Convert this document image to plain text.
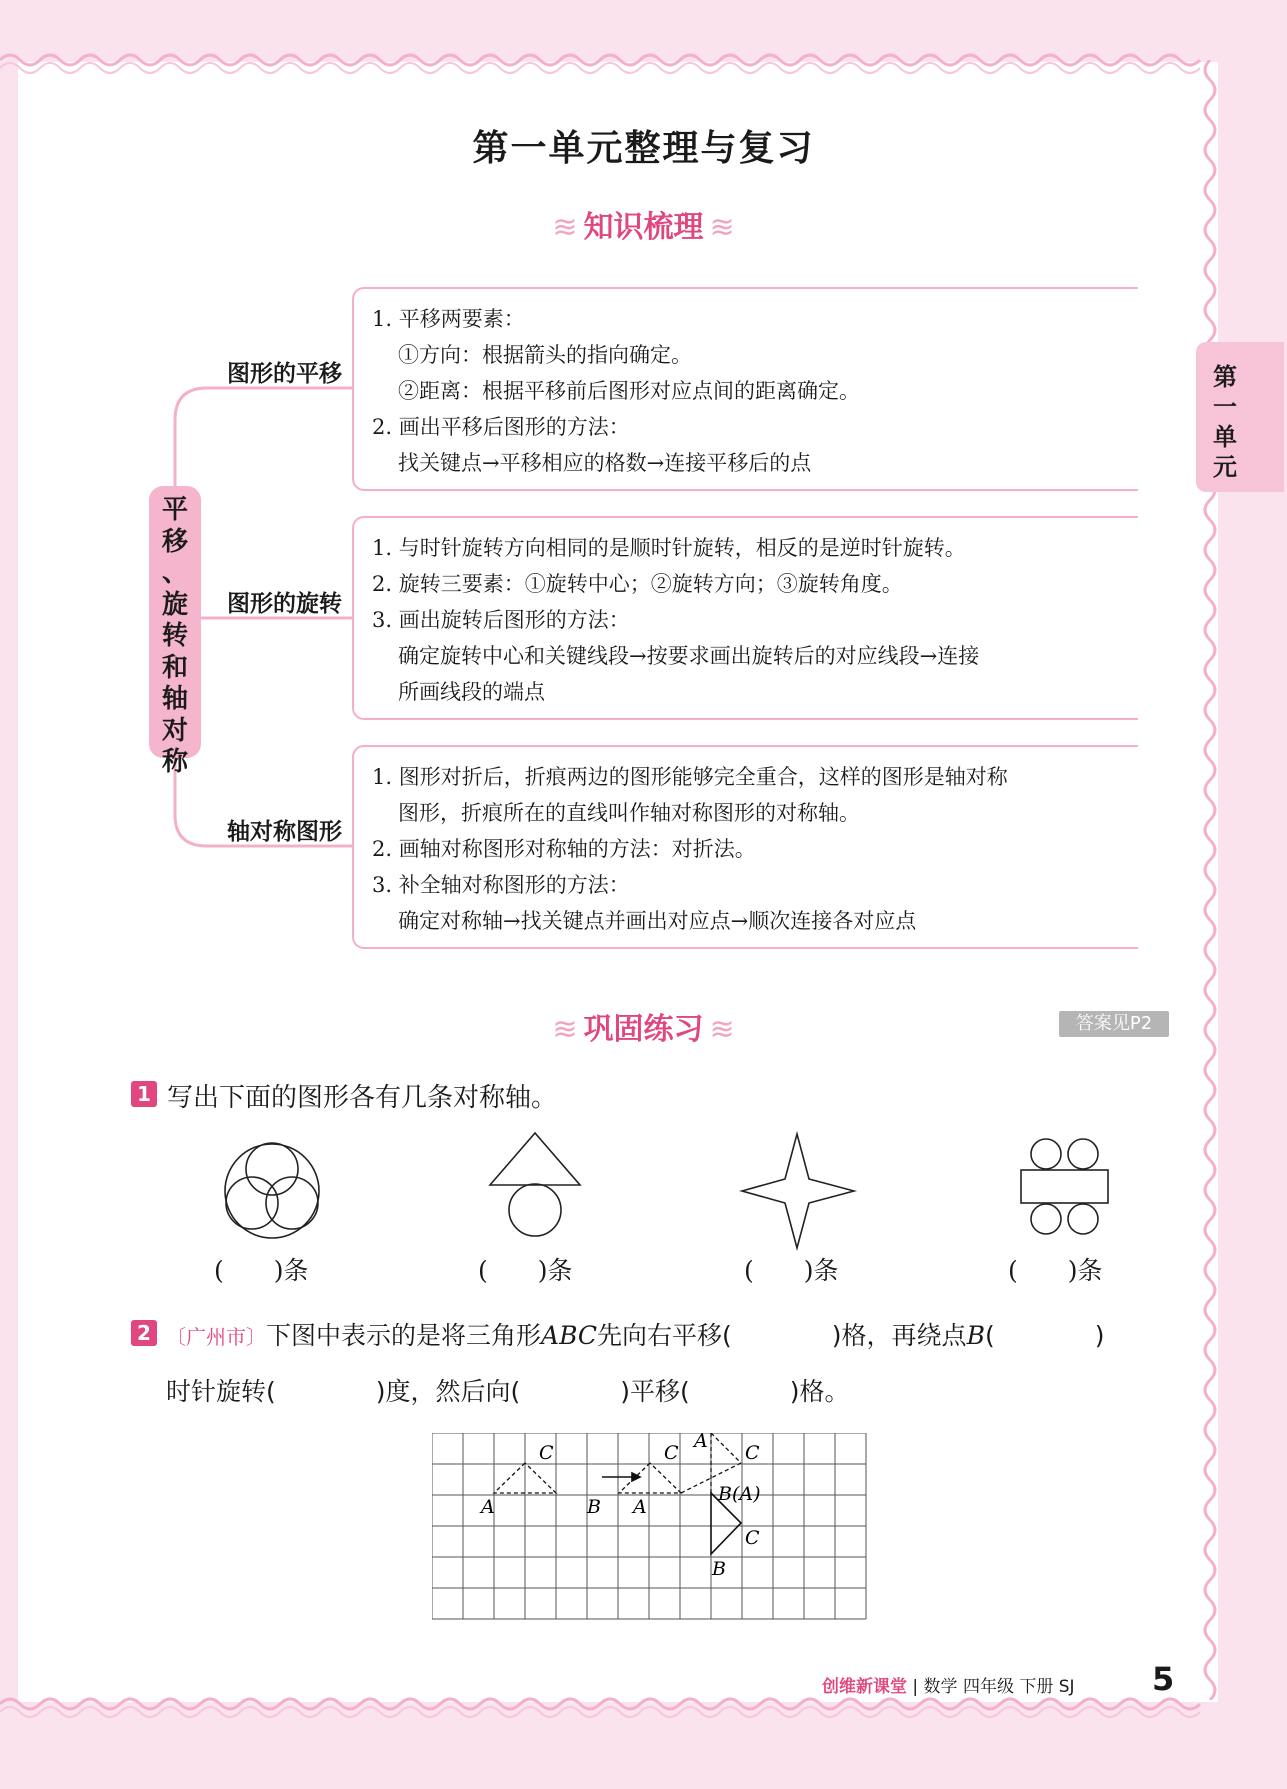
第一单元整理与复习
≋ 知识梳理 ≋
第一单元
平
移
、
旋
转
和
轴
对
称
图形的平移
图形的旋转
轴对称图形
1. 平移两要素：
①方向：根据箭头的指向确定。
②距离：根据平移前后图形对应点间的距离确定。
2. 画出平移后图形的方法：
找关键点→平移相应的格数→连接平移后的点
1. 与时针旋转方向相同的是顺时针旋转，相反的是逆时针旋转。
2. 旋转三要素：①旋转中心；②旋转方向；③旋转角度。
3. 画出旋转后图形的方法：
确定旋转中心和关键线段→按要求画出旋转后的对应线段→连接
所画线段的端点
1. 图形对折后，折痕两边的图形能够完全重合，这样的图形是轴对称
图形，折痕所在的直线叫作轴对称图形的对称轴。
2. 画轴对称图形对称轴的方法：对折法。
3. 补全轴对称图形的方法：
确定对称轴→找关键点并画出对应点→顺次连接各对应点
≋ 巩固练习 ≋	答案见P2
1 写出下面的图形各有几条对称轴。
(　　)条	(　　)条	(　　)条	(　　)条
2 〔广州市〕下图中表示的是将三角形ABC先向右平移(　　　　)格，再绕点B(　　　　)
时针旋转(　　　　)度，然后向(　　　　)平移(　　　　)格。
C
A	B
C
A
A
C
B(A)
C
B
创维新课堂 | 数学 四年级 下册 SJ 5
